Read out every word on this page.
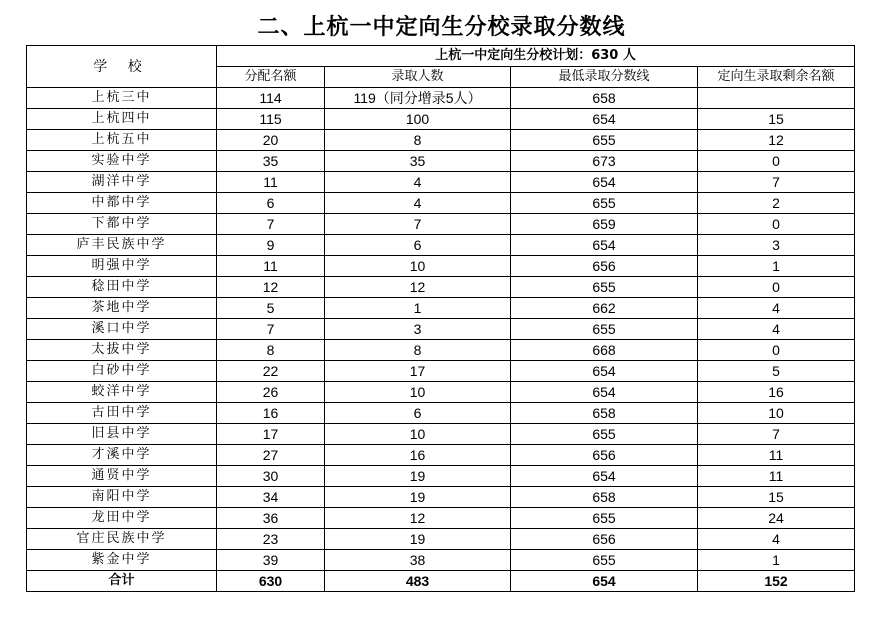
二、上杭一中定向生分校录取分数线
学 校	上杭一中定向生分校计划：630 人			
	分配名额	录取人数	最低录取分数线	定向生录取剩余名额
上杭三中	114	119（同分增录5人）	658	
上杭四中	115	100	654	15
上杭五中	20	8	655	12
实验中学	35	35	673	0
湖洋中学	11	4	654	7
中都中学	6	4	655	2
下都中学	7	7	659	0
庐丰民族中学	9	6	654	3
明强中学	11	10	656	1
稔田中学	12	12	655	0
茶地中学	5	1	662	4
溪口中学	7	3	655	4
太拔中学	8	8	668	0
白砂中学	22	17	654	5
蛟洋中学	26	10	654	16
古田中学	16	6	658	10
旧县中学	17	10	655	7
才溪中学	27	16	656	11
通贤中学	30	19	654	11
南阳中学	34	19	658	15
龙田中学	36	12	655	24
官庄民族中学	23	19	656	4
紫金中学	39	38	655	1
合计	630	483	654	152
